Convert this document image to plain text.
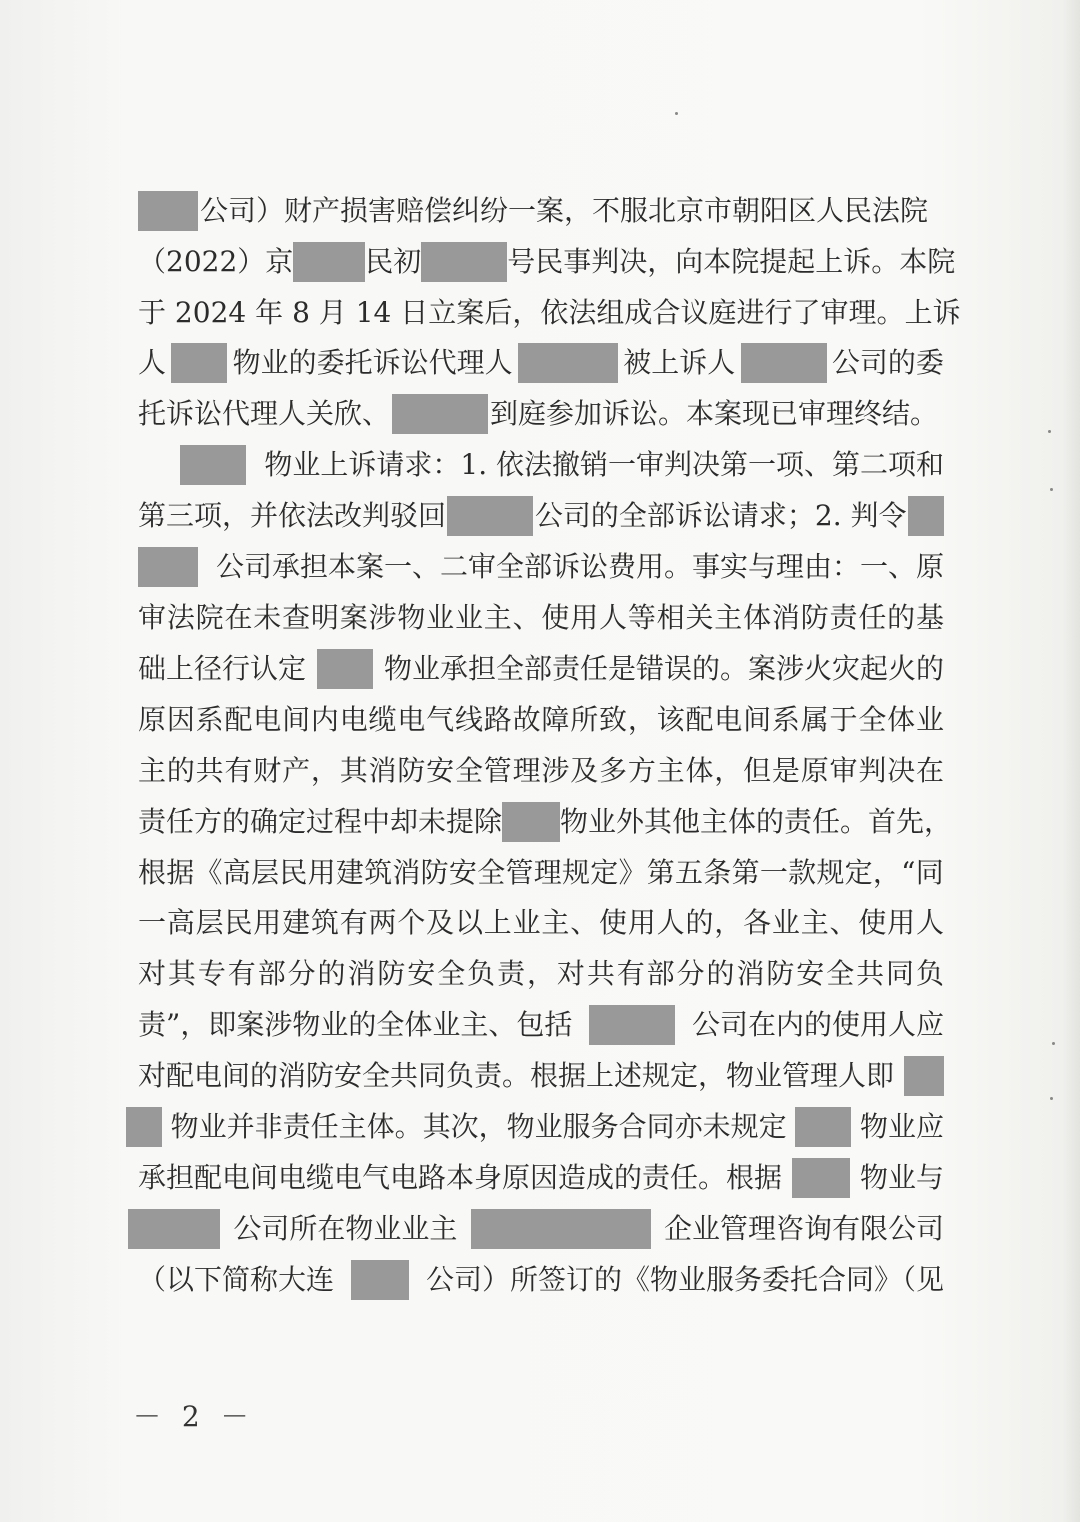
公司）财产损害赔偿纠纷一案，不服北京市朝阳区人民法院
（2022）京	民初	号民事判决，向本院提起上诉。本院
于
2 0 2 4
年
8
月
1 4
日 立 案 后 ， 依 法 组 成 合 议 庭 进 行 了 审 理 。 上 诉
人 物业的委托诉讼代理人	被上诉人	公司的委
托诉讼代理人关欣、	到庭参加诉讼。本案现已审理终结。
物业上诉请求：1. 依法撤销一审判决第一项、第二项和
第三项，并依法改判驳回	公司的全部诉讼请求；2. 判令
公司承担本案一、二审全部诉讼费用。事实与理由：一、原
审 法 院 在 未 查 明 案 涉 物 业 业 主 、 使 用 人 等 相 关 主 体 消 防 责 任 的 基
础上径行认定	物业承担全部责任是错误的。案涉火灾起火的
原 因 系 配 电 间 内 电 缆 电 气 线 路 故 障 所 致 ， 该 配 电 间 系 属 于 全 体 业
主 的 共 有 财 产 ， 其 消 防 安 全 管 理 涉 及 多 方 主 体 ， 但 是 原 审 判 决 在
责任方的确定过程中却未提除 物业外其他主体的责任。首先，
根 据 《 高 层 民 用 建 筑 消 防 安 全 管 理 规 定 》 第 五 条 第 一 款 规 定 ， “ 同
一 高 层 民 用 建 筑 有 两 个 及 以 上 业 主 、 使 用 人 的 ， 各 业 主 、 使 用 人
对 其 专 有 部 分 的 消 防 安 全 负 责 ， 对 共 有 部 分 的 消 防 安 全 共 同 负
责”，即案涉物业的全体业主、包括	公司在内的使用人应
对配电间的消防安全共同负责。根据上述规定，物业管理人即
物业并非责任主体。其次，物业服务合同亦未规定	物业应
承担配电间电缆电气电路本身原因造成的责任。根据	物业与
公司所在物业业主	企业管理咨询有限公司
（以下简称大连	公司）所签订的《物业服务委托合同》（见
－ 2 －
